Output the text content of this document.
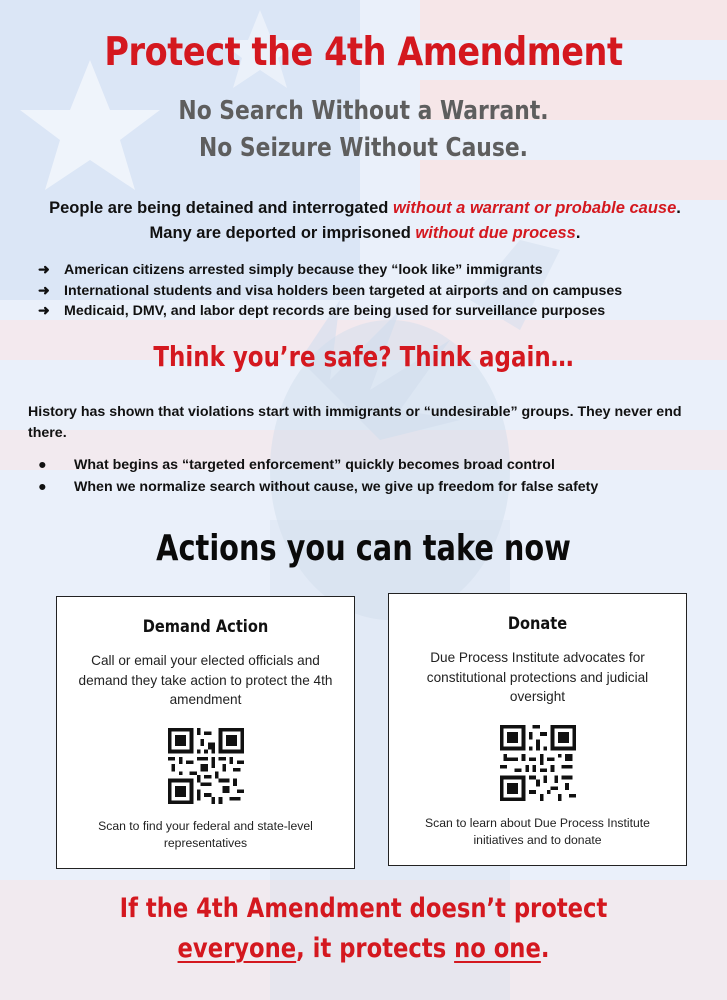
Protect the 4th Amendment
No Search Without a Warrant.
No Seizure Without Cause.
People are being detained and interrogated without a warrant or probable cause. Many are deported or imprisoned without due process.
➜ American citizens arrested simply because they “look like” immigrants
➜ International students and visa holders been targeted at airports and on campuses
➜ Medicaid, DMV, and labor dept records are being used for surveillance purposes
Think you’re safe? Think again…
History has shown that violations start with immigrants or “undesirable” groups. They never end there.
● What begins as “targeted enforcement” quickly becomes broad control
● When we normalize search without cause, we give up freedom for false safety
Actions you can take now
Demand Action
Call or email your elected officials and demand they take action to protect the 4th amendment
Scan to find your federal and state-level representatives
Donate
Due Process Institute advocates for constitutional protections and judicial oversight
Scan to learn about Due Process Institute initiatives and to donate
If the 4th Amendment doesn’t protect
everyone, it protects no one.
